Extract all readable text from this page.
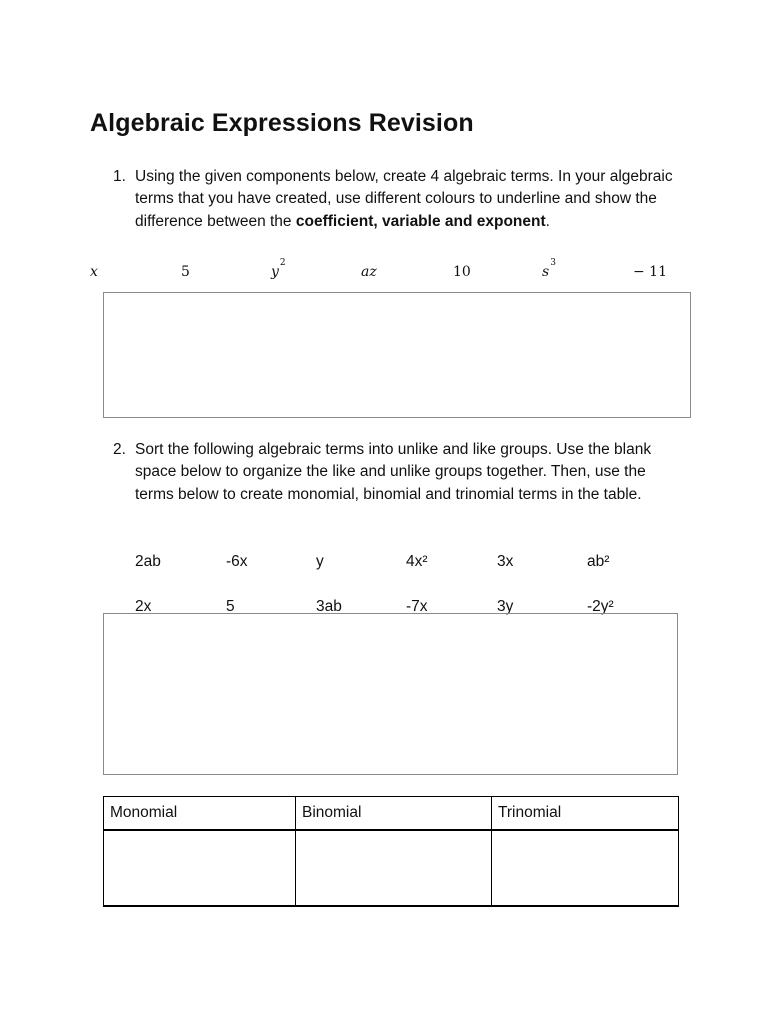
Algebraic Expressions Revision
1. Using the given components below, create 4 algebraic terms. In your algebraic terms that you have created, use different colours to underline and show the difference between the coefficient, variable and exponent.
x	5	$y^2$
az	10	$s^3$
− 11
2. Sort the following algebraic terms into unlike and like groups. Use the blank space below to organize the like and unlike groups together. Then, use the terms below to create monomial, binomial and trinomial terms in the table.
2ab	-6x	y	4x²	3x	ab²
2x	5	3ab	-7x	3y	-2y²
Monomial	Binomial	Trinomial
